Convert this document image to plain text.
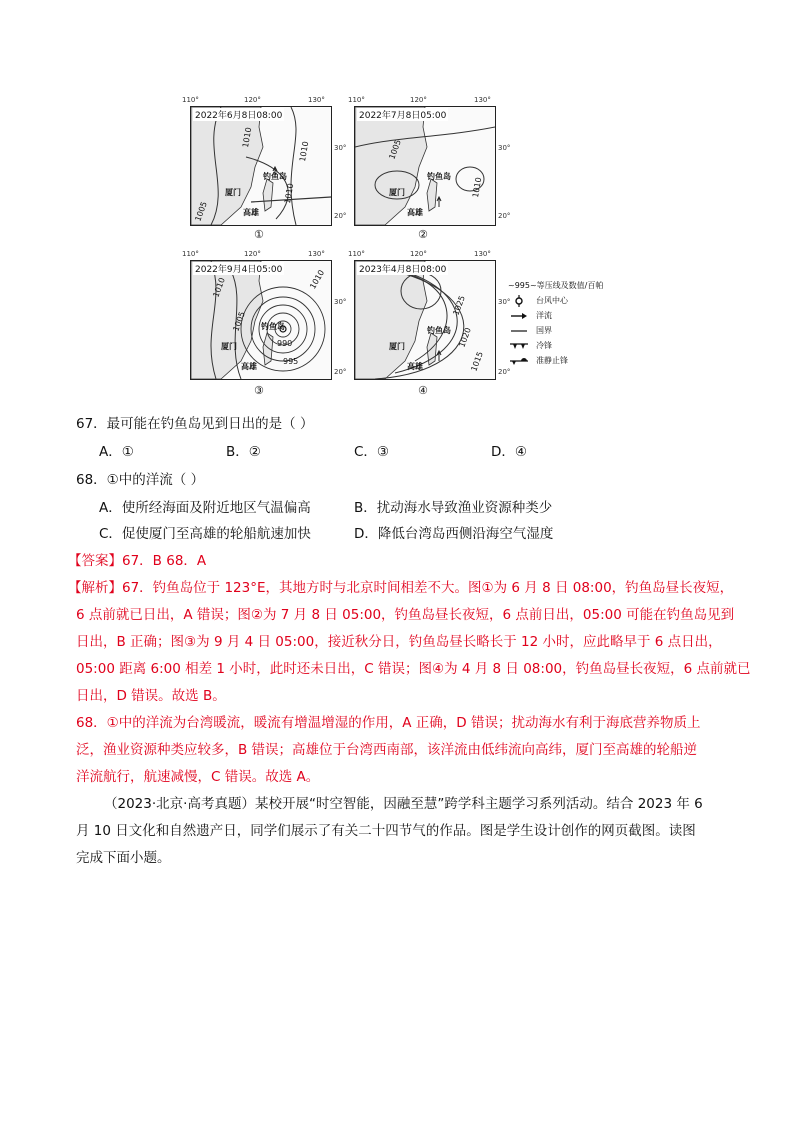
110°	120°	130°
2022年6月8日08:00
1010
1010
1005
1010
钓鱼岛
厦门
高雄
30°
20°
①
110°	120°	130°
2022年7月8日05:00
1005
1010
钓鱼岛
厦门
高雄
30°
20°
②
110°	120°	130°
2022年9月4日05:00
1010
1005
1010
990
995
钓鱼岛
厦门
高雄
30°
20°
③
110°	120°	130°
2023年4月8日08:00
1025
1020
1015
钓鱼岛
厦门
高雄
30°
20°
④
~995~等压线及数值/百帕
台风中心
洋流
国界
冷锋
准静止锋
67．最可能在钓鱼岛见到日出的是（ ）
A．①	B．②	C．③	D．④
68．①中的洋流（ ）
A．使所经海面及附近地区气温偏高	B．扰动海水导致渔业资源种类少
C．促使厦门至高雄的轮船航速加快	D．降低台湾岛西侧沿海空气湿度
【答案】67．B 68．A
【解析】67．钓鱼岛位于 123°E，其地方时与北京时间相差不大。图①为 6 月 8 日 08:00，钓鱼岛昼长夜短，
6 点前就已日出，A 错误；图②为 7 月 8 日 05:00，钓鱼岛昼长夜短，6 点前日出，05:00 可能在钓鱼岛见到
日出，B 正确；图③为 9 月 4 日 05:00，接近秋分日，钓鱼岛昼长略长于 12 小时，应此略早于 6 点日出，
05:00 距离 6:00 相差 1 小时，此时还未日出，C 错误；图④为 4 月 8 日 08:00，钓鱼岛昼长夜短，6 点前就已
日出，D 错误。故选 B。
68．①中的洋流为台湾暖流，暖流有增温增湿的作用，A 正确，D 错误；扰动海水有利于海底营养物质上
泛，渔业资源种类应较多，B 错误；高雄位于台湾西南部，该洋流由低纬流向高纬，厦门至高雄的轮船逆
洋流航行，航速减慢，C 错误。故选 A。
（2023·北京·高考真题）某校开展“时空智能，因融至慧”跨学科主题学习系列活动。结合 2023 年 6
月 10 日文化和自然遗产日，同学们展示了有关二十四节气的作品。图是学生设计创作的网页截图。读图
完成下面小题。
